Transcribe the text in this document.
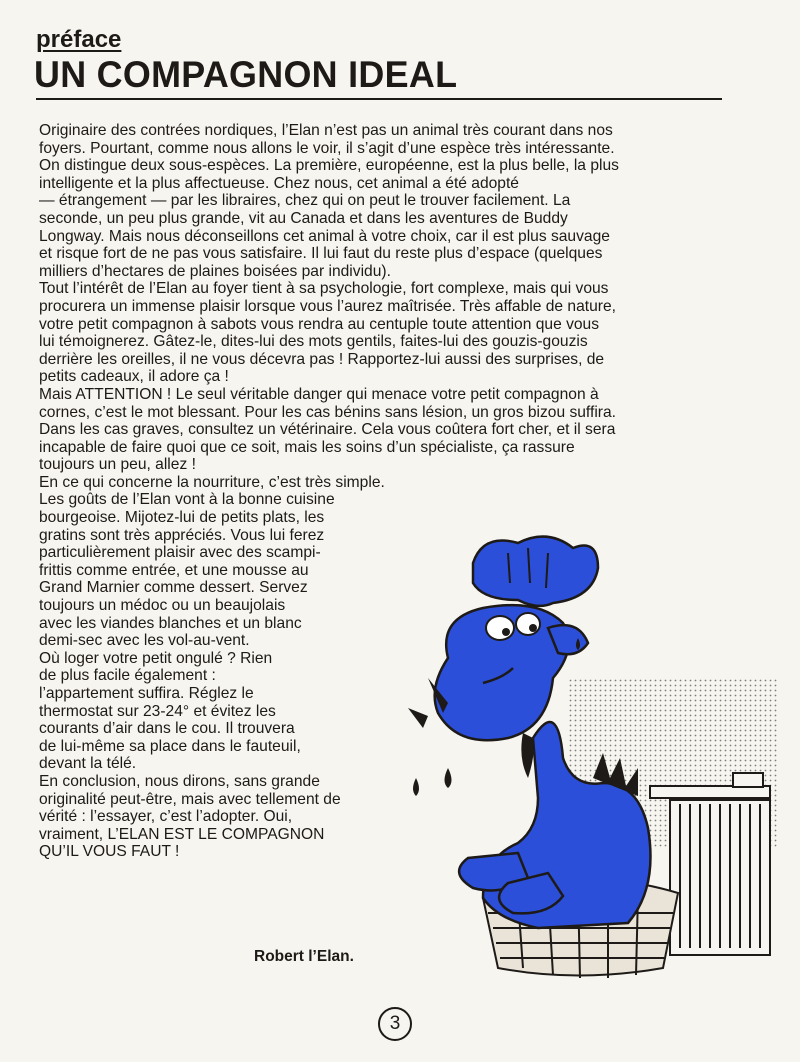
préface
UN COMPAGNON IDEAL
Originaire des contrées nordiques, l’Elan n’est pas un animal très courant dans nos
foyers. Pourtant, comme nous allons le voir, il s’agit d’une espèce très intéressante.
On distingue deux sous-espèces. La première, européenne, est la plus belle, la plus
intelligente et la plus affectueuse. Chez nous, cet animal a été adopté
— étrangement — par les libraires, chez qui on peut le trouver facilement. La
seconde, un peu plus grande, vit au Canada et dans les aventures de Buddy
Longway. Mais nous déconseillons cet animal à votre choix, car il est plus sauvage
et risque fort de ne pas vous satisfaire. Il lui faut du reste plus d’espace (quelques
milliers d’hectares de plaines boisées par individu).
Tout l’intérêt de l’Elan au foyer tient à sa psychologie, fort complexe, mais qui vous
procurera un immense plaisir lorsque vous l’aurez maîtrisée. Très affable de nature,
votre petit compagnon à sabots vous rendra au centuple toute attention que vous
lui témoignerez. Gâtez-le, dites-lui des mots gentils, faites-lui des gouzis-gouzis
derrière les oreilles, il ne vous décevra pas ! Rapportez-lui aussi des surprises, de
petits cadeaux, il adore ça !
Mais ATTENTION ! Le seul véritable danger qui menace votre petit compagnon à
cornes, c’est le mot blessant. Pour les cas bénins sans lésion, un gros bizou suffira.
Dans les cas graves, consultez un vétérinaire. Cela vous coûtera fort cher, et il sera
incapable de faire quoi que ce soit, mais les soins d’un spécialiste, ça rassure
toujours un peu, allez !
En ce qui concerne la nourriture, c’est très simple.
Les goûts de l’Elan vont à la bonne cuisine
bourgeoise. Mijotez-lui de petits plats, les
gratins sont très appréciés. Vous lui ferez
particulièrement plaisir avec des scampi-
frittis comme entrée, et une mousse au
Grand Marnier comme dessert. Servez
toujours un médoc ou un beaujolais
avec les viandes blanches et un blanc
demi-sec avec les vol-au-vent.
Où loger votre petit ongulé ? Rien
de plus facile également :
l’appartement suffira. Réglez le
thermostat sur 23-24° et évitez les
courants d’air dans le cou. Il trouvera
de lui-même sa place dans le fauteuil,
devant la télé.
En conclusion, nous dirons, sans grande
originalité peut-être, mais avec tellement de
vérité : l’essayer, c’est l’adopter. Oui,
vraiment, L’ELAN EST LE COMPAGNON
QU’IL VOUS FAUT !
Robert l’Elan.
3
